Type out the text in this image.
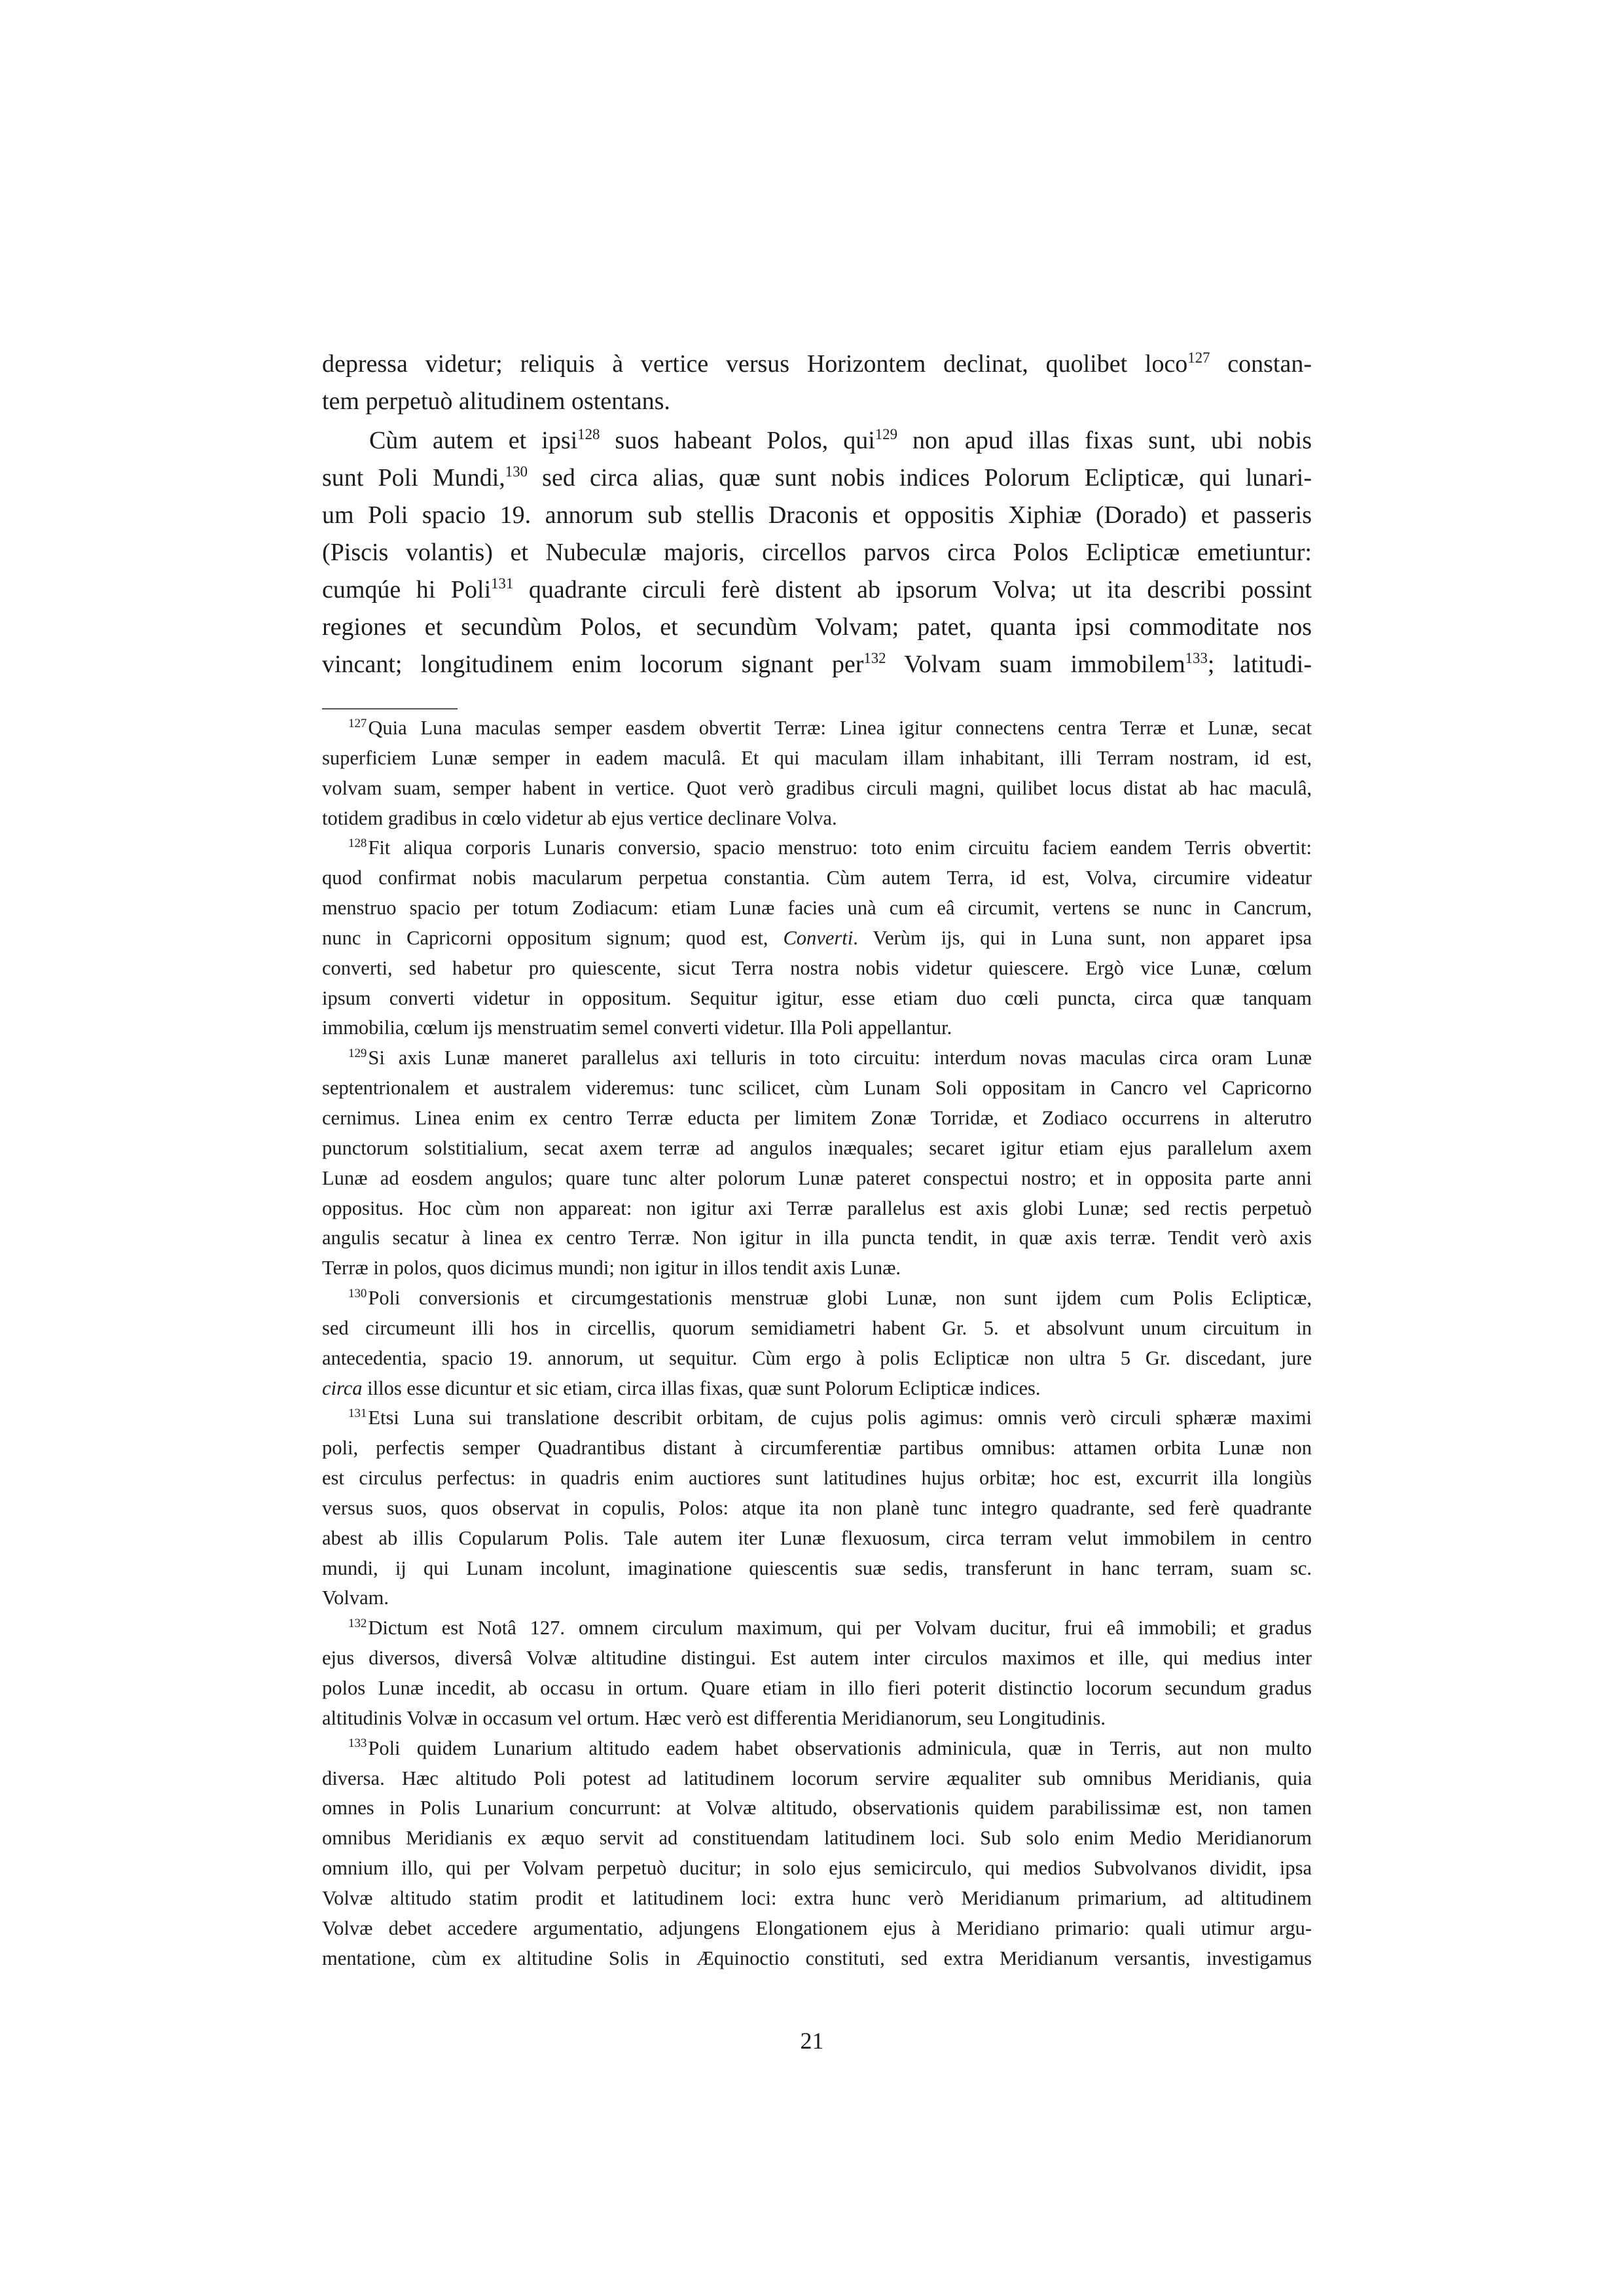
depressa videtur; reliquis à vertice versus Horizontem declinat, quolibet loco$^{127}$ constan-
tem perpetuò alitudinem ostentans.
Cùm autem et ipsi$^{128}$ suos habeant Polos, qui$^{129}$ non apud illas fixas sunt, ubi nobis
sunt Poli Mundi,$^{130}$ sed circa alias, quæ sunt nobis indices Polorum Eclipticæ, qui lunari-
um Poli spacio 19. annorum sub stellis Draconis et oppositis Xiphiæ (Dorado) et passeris
(Piscis volantis) et Nubeculæ majoris, circellos parvos circa Polos Eclipticæ emetiuntur:
cumqúe hi Poli$^{131}$ quadrante circuli ferè distent ab ipsorum Volva; ut ita describi possint
regiones et secundùm Polos, et secundùm Volvam; patet, quanta ipsi commoditate nos
vincant; longitudinem enim locorum signant per$^{132}$ Volvam suam immobilem$^{133}$; latitudi-
$^{127}$Quia Luna maculas semper easdem obvertit Terræ: Linea igitur connectens centra Terræ et Lunæ, secat
superficiem Lunæ semper in eadem maculâ. Et qui maculam illam inhabitant, illi Terram nostram, id est,
volvam suam, semper habent in vertice. Quot verò gradibus circuli magni, quilibet locus distat ab hac maculâ,
totidem gradibus in cœlo videtur ab ejus vertice declinare Volva.
$^{128}$Fit aliqua corporis Lunaris conversio, spacio menstruo: toto enim circuitu faciem eandem Terris obvertit:
quod confirmat nobis macularum perpetua constantia. Cùm autem Terra, id est, Volva, circumire videatur
menstruo spacio per totum Zodiacum: etiam Lunæ facies unà cum eâ circumit, vertens se nunc in Cancrum,
nunc in Capricorni oppositum signum; quod est, Converti. Verùm ijs, qui in Luna sunt, non apparet ipsa
converti, sed habetur pro quiescente, sicut Terra nostra nobis videtur quiescere. Ergò vice Lunæ, cœlum
ipsum converti videtur in oppositum. Sequitur igitur, esse etiam duo cœli puncta, circa quæ tanquam
immobilia, cœlum ijs menstruatim semel converti videtur. Illa Poli appellantur.
$^{129}$Si axis Lunæ maneret parallelus axi telluris in toto circuitu: interdum novas maculas circa oram Lunæ
septentrionalem et australem videremus: tunc scilicet, cùm Lunam Soli oppositam in Cancro vel Capricorno
cernimus. Linea enim ex centro Terræ educta per limitem Zonæ Torridæ, et Zodiaco occurrens in alterutro
punctorum solstitialium, secat axem terræ ad angulos inæquales; secaret igitur etiam ejus parallelum axem
Lunæ ad eosdem angulos; quare tunc alter polorum Lunæ pateret conspectui nostro; et in opposita parte anni
oppositus. Hoc cùm non appareat: non igitur axi Terræ parallelus est axis globi Lunæ; sed rectis perpetuò
angulis secatur à linea ex centro Terræ. Non igitur in illa puncta tendit, in quæ axis terræ. Tendit verò axis
Terræ in polos, quos dicimus mundi; non igitur in illos tendit axis Lunæ.
$^{130}$Poli conversionis et circumgestationis menstruæ globi Lunæ, non sunt ijdem cum Polis Eclipticæ,
sed circumeunt illi hos in circellis, quorum semidiametri habent Gr. 5. et absolvunt unum circuitum in
antecedentia, spacio 19. annorum, ut sequitur. Cùm ergo à polis Eclipticæ non ultra 5 Gr. discedant, jure
circa illos esse dicuntur et sic etiam, circa illas fixas, quæ sunt Polorum Eclipticæ indices.
$^{131}$Etsi Luna sui translatione describit orbitam, de cujus polis agimus: omnis verò circuli sphæræ maximi
poli, perfectis semper Quadrantibus distant à circumferentiæ partibus omnibus: attamen orbita Lunæ non
est circulus perfectus: in quadris enim auctiores sunt latitudines hujus orbitæ; hoc est, excurrit illa longiùs
versus suos, quos observat in copulis, Polos: atque ita non planè tunc integro quadrante, sed ferè quadrante
abest ab illis Copularum Polis. Tale autem iter Lunæ flexuosum, circa terram velut immobilem in centro
mundi, ij qui Lunam incolunt, imaginatione quiescentis suæ sedis, transferunt in hanc terram, suam sc.
Volvam.
$^{132}$Dictum est Notâ 127. omnem circulum maximum, qui per Volvam ducitur, frui eâ immobili; et gradus
ejus diversos, diversâ Volvæ altitudine distingui. Est autem inter circulos maximos et ille, qui medius inter
polos Lunæ incedit, ab occasu in ortum. Quare etiam in illo fieri poterit distinctio locorum secundum gradus
altitudinis Volvæ in occasum vel ortum. Hæc verò est differentia Meridianorum, seu Longitudinis.
$^{133}$Poli quidem Lunarium altitudo eadem habet observationis adminicula, quæ in Terris, aut non multo
diversa. Hæc altitudo Poli potest ad latitudinem locorum servire æqualiter sub omnibus Meridianis, quia
omnes in Polis Lunarium concurrunt: at Volvæ altitudo, observationis quidem parabilissimæ est, non tamen
omnibus Meridianis ex æquo servit ad constituendam latitudinem loci. Sub solo enim Medio Meridianorum
omnium illo, qui per Volvam perpetuò ducitur; in solo ejus semicirculo, qui medios Subvolvanos dividit, ipsa
Volvæ altitudo statim prodit et latitudinem loci: extra hunc verò Meridianum primarium, ad altitudinem
Volvæ debet accedere argumentatio, adjungens Elongationem ejus à Meridiano primario: quali utimur argu-
mentatione, cùm ex altitudine Solis in Æquinoctio constituti, sed extra Meridianum versantis, investigamus
21
